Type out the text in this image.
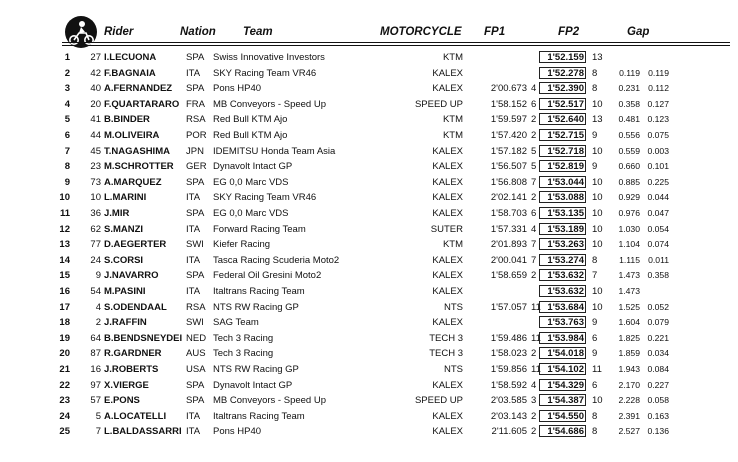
Rider	Nation Team	MOTORCYCLE FP1	FP2	Gap
1 27 I.LECUONA	SPA Swiss Innovative Investors	KTM	1'52.159 13
2 42 F.BAGNAIA	ITA SKY Racing Team VR46	KALEX	1'52.278 8	0.119 0.119
3 40 A.FERNANDEZ SPA Pons HP40	KALEX	2'00.673 4	1'52.390 8 0.231 0.112
4 20 F.QUARTARARO FRA MB Conveyors - Speed Up	SPEED UP	1'58.152 6	1'52.517 10 0.358 0.127
5 41 B.BINDER	RSA Red Bull KTM Ajo	KTM	1'59.597 2	1'52.640 13 0.481 0.123
6 44 M.OLIVEIRA	POR Red Bull KTM Ajo	KTM	1'57.420 2	1'52.715 9 0.556 0.075
7 45 T.NAGASHIMA JPN IDEMITSU Honda Team Asia	KALEX	1'57.182 5	1'52.718 10 0.559 0.003
8 23 M.SCHROTTER GER Dynavolt Intact GP	KALEX	1'56.507 5	1'52.819 9 0.660 0.101
9 73 A.MARQUEZ	SPA EG 0,0 Marc VDS	KALEX	1'56.808 7	1'53.044 10 0.885 0.225
10 10 L.MARINI	ITA SKY Racing Team VR46	KALEX	2'02.141 2	1'53.088 10 0.929 0.044
11 36 J.MIR	SPA EG 0,0 Marc VDS	KALEX	1'58.703 6	1'53.135 10 0.976 0.047
12 62 S.MANZI	ITA Forward Racing Team	SUTER	1'57.331 4	1'53.189 10 1.030 0.054
13 77 D.AEGERTER SWI Kiefer Racing	KTM	2'01.893 7	1'53.263 10 1.104 0.074
14 24 S.CORSI	ITA Tasca Racing Scuderia Moto2	KALEX	2'00.041 7	1'53.274 8	1.115 0.011
15	9 J.NAVARRO	SPA Federal Oil Gresini Moto2	KALEX	1'58.659 2	1'53.632 7 1.473 0.358
16 54 M.PASINI	ITA Italtrans Racing Team	KALEX	1'53.632 10 1.473
17	4 S.ODENDAAL RSA NTS RW Racing GP	NTS	1'57.057 11 1'53.684 10 1.525 0.052
18	2 J.RAFFIN	SWI SAG Team	KALEX	1'53.763 9 1.604 0.079
19 64 B.BENDSNEYDEI NED Tech 3 Racing	TECH 3	1'59.486 11 1'53.984 6 1.825 0.221
20 87 R.GARDNER	AUS Tech 3 Racing	TECH 3	1'58.023 2	1'54.018 9 1.859 0.034
21 16 J.ROBERTS	USA NTS RW Racing GP	NTS	1'59.856 11 1'54.102 11 1.943 0.084
22 97 X.VIERGE	SPA Dynavolt Intact GP	KALEX	1'58.592 4	1'54.329 6 2.170 0.227
23 57 E.PONS	SPA MB Conveyors - Speed Up	SPEED UP	2'03.585 3	1'54.387 10 2.228 0.058
24	5 A.LOCATELLI ITA Italtrans Racing Team	KALEX	2'03.143 2	1'54.550 8 2.391 0.163
25	7 L.BALDASSARRI ITA Pons HP40	KALEX	2'11.605 2	1'54.686 8 2.527 0.136
